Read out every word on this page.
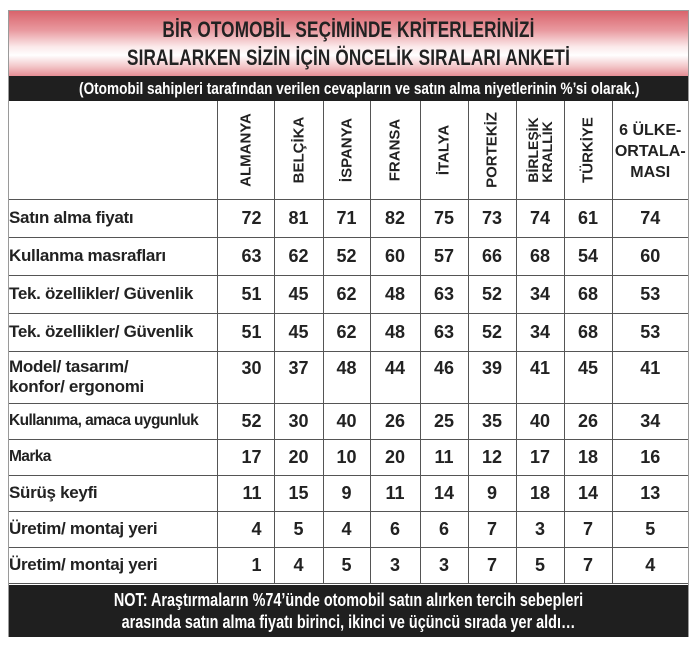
BİR OTOMOBİL SEÇİMİNDE KRİTERLERİNİZİ
SIRALARKEN SİZİN İÇİN ÖNCELİK SIRALARI ANKETİ
(Otomobil sahipleri tarafından verilen cevapların ve satın alma niyetlerinin %’si olarak.)

ALMANYA	BELÇİKA	İSPANYA	FRANSA	İTALYA	PORTEKİZ	BİRLEŞİK
KRALLIK	TÜRKİYE	6 ÜLKE-
ORTALA-
MASI

Satın alma fiyatı	72	81	71	82	75	73	74	61	74
Kullanma masrafları	63	62	52	60	57	66	68	54	60
Tek. özellikler/ Güvenlik	51	45	62	48	63	52	34	68	53
Tek. özellikler/ Güvenlik	51	45	62	48	63	52	34	68	53

Model/ tasarım/
konfor/ ergonomi	30	37	48	44	46	39	41	45	41
Kullanıma, amaca uygunluk	52	30	40	26	25	35	40	26	34
Marka	17	20	10	20	11	12	17	18	16
Sürüş keyfi	11	15	9	11	14	9	18	14	13
Üretim/ montaj yeri	4	5	4	6	6	7	3	7	5
Üretim/ montaj yeri	1	4	5	3	3	7	5	7	4
NOT: Araştırmaların %74’ünde otomobil satın alırken tercih sebepleri
arasında satın alma fiyatı birinci, ikinci ve üçüncü sırada yer aldı…
